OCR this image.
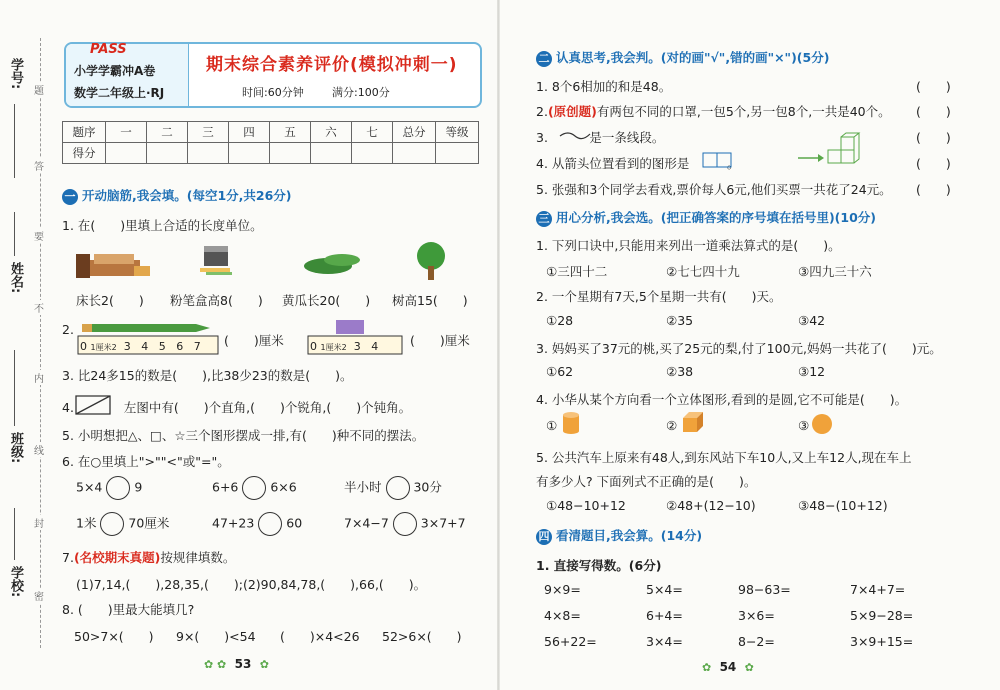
学号:
姓名:
班级:
学校:
题
答
要
不
内
线
封
密
PASS
小学学霸冲A卷
数学二年级上·RJ
期末综合素养评价(模拟冲刺一)
时间:60分钟	满分:100分
题序	一	二	三	四	五	六	七	总分	等级
得分									
一 开动脑筋,我会填。(每空1分,共26分)
1. 在(　　)里填上合适的长度单位。
床长2(　　) 粉笔盒高8(　　) 黄瓜长20(　　) 树高15(　　)
2.
0 1厘米2 3 4 5 6 7 (　　)厘米 0 1厘米2 3 4	(　　)厘米
3. 比24多15的数是(　　),比38少23的数是(　　)。
4.　　　　左图中有(　　)个直角,(　　)个锐角,(　　)个钝角。
5. 小明想把△、□、☆三个图形摆成一排,有(　　)种不同的摆法。
6. 在○里填上">""<"或"="。
5×4	9	6+6	6×6	半小时	30分
1米	70厘米	47+23	60	7×4−7	3×7+7
7.(名校期末真题)按规律填数。
(1)7,14,(　　),28,35,(　　);(2)90,84,78,(　　),66,(　　)。
8. (　　)里最大能填几?
50>7×(　　) 9×(　　)<54 (　　)×4<26 52>6×(　　)
✿ ✿ 53 ✿
二 认真思考,我会判。(对的画"√",错的画"×")(5分)
1. 8个6相加的和是48。	(　　)
2.(原创题)有两包不同的口罩,一包5个,另一包8个,一共是40个。 (　　)
3. 　　　是一条线段。	(　　)
4. 从箭头位置看到的图形是　　　。	(　　)
5. 张强和3个同学去看戏,票价每人6元,他们买票一共花了24元。 (　　)
三 用心分析,我会选。(把正确答案的序号填在括号里)(10分)
1. 下列口诀中,只能用来列出一道乘法算式的是(　　)。
①三四十二	②七七四十九	③四九三十六
2. 一个星期有7天,5个星期一共有(　　)天。
①28	②35	③42
3. 妈妈买了37元的桃,买了25元的梨,付了100元,妈妈一共花了(　　)元。
①62	②38	③12
4. 小华从某个方向看一个立体图形,看到的是圆,它不可能是(　　)。
①	②	③
5. 公共汽车上原来有48人,到东风站下车10人,又上车12人,现在车上
有多少人? 下面列式不正确的是(　　)。
①48−10+12	②48+(12−10)	③48−(10+12)
四 看清题目,我会算。(14分)
1. 直接写得数。(6分)
9×9=	5×4=	98−63=	7×4+7=
4×8=	6+4=	3×6=	5×9−28=
56+22=	3×4=	8−2=	3×9+15=
✿ 54 ✿
